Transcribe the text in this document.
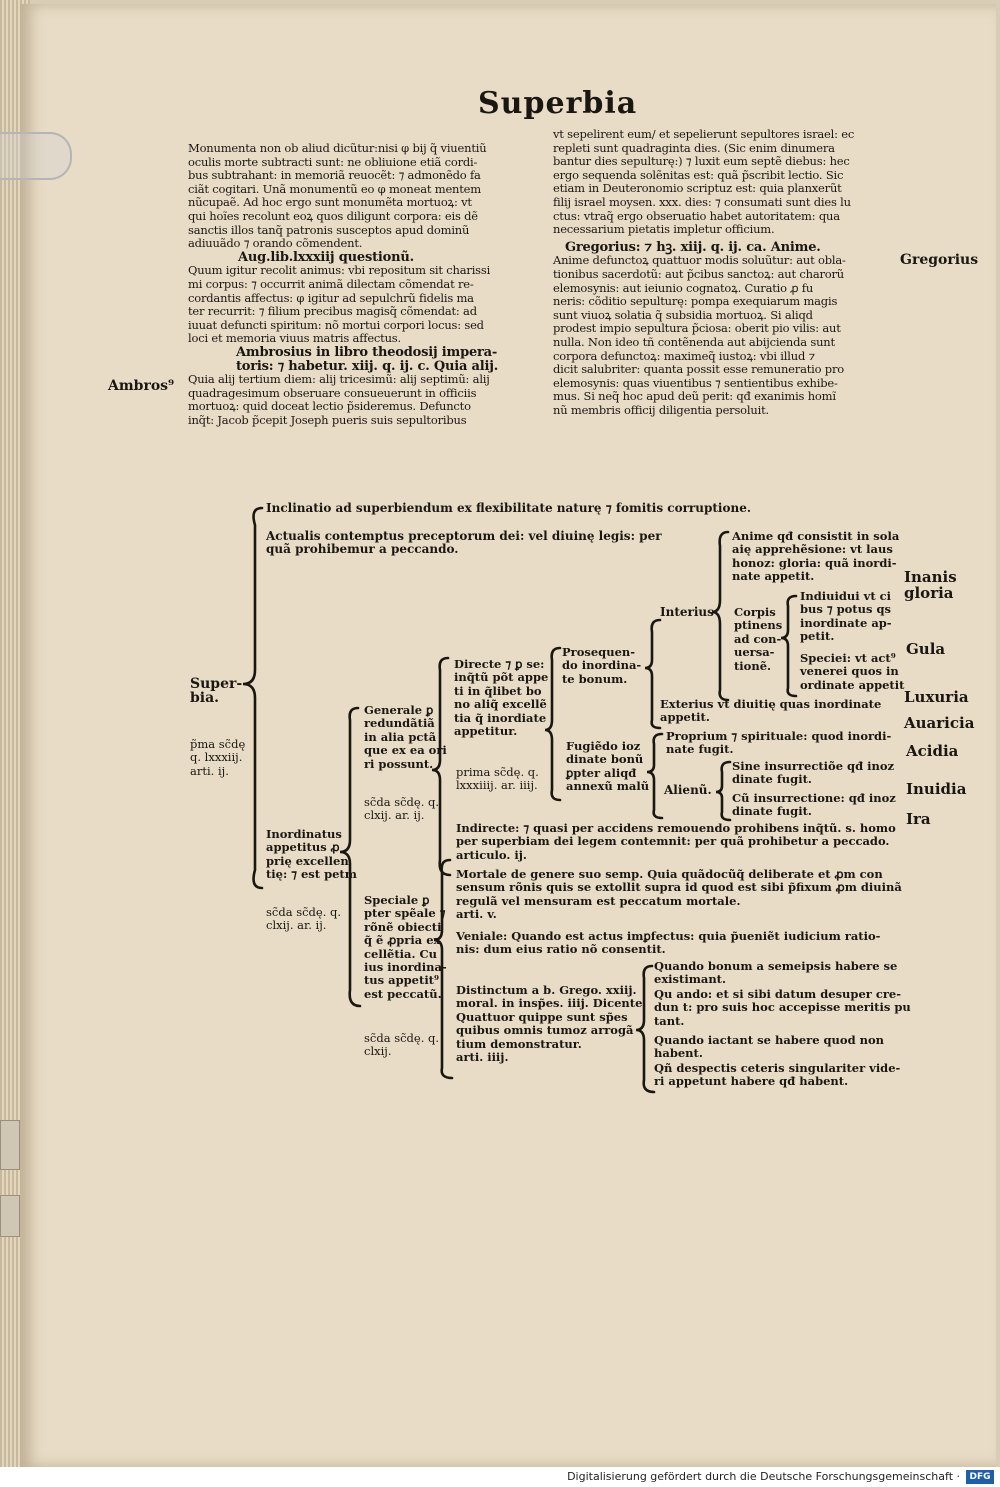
Superbia

Monumenta non ob aliud dicũtur:nisi φ bij q̃ viuentiũ
oculis morte subtracti sunt: ne obliuione etiã cordi-
bus subtrahant: in memoriã reuocẽt: ⁊ admonẽdo fa
ciãt cogitari. Unã monumentũ eo φ moneat mentem
nũcupaẽ. Ad hoc ergo sunt monumẽta mortuoꝝ: vt
qui hoĩes recolunt eoꝝ quos diligunt corpora: eis dẽ
sanctis illos tanq̃ patronis susceptos apud dominũ
adiuuãdo ⁊ orando cõmendent.

Aug.lib.lxxxiij questionũ.

Quum igitur recolit animus: vbi repositum sit charissi
mi corpus: ⁊ occurrit animã dilectam cõmendat re-
cordantis affectus: φ igitur ad sepulchrũ fidelis ma
ter recurrit: ⁊ filium precibus magisq̃ cõmendat: ad
iuuat defuncti spiritum: nõ mortui corpori locus: sed
loci et memoria viuus matris affectus.

Ambrosius in libro theodosij impera-
toris: ⁊ habetur. xiij. q. ij. c. Quia alij.

Quia alij tertium diem: alij tricesimũ: alij septimũ: alij
quadragesimum obseruare consueuerunt in officiis
mortuoꝝ: quid doceat lectio p̃sideremus. Defuncto
inq̃t: Jacob p̃cepit Joseph pueris suis sepultoribus

vt sepelirent eum/ et sepelierunt sepultores israel: ec
repleti sunt quadraginta dies. (Sic enim dinumera
bantur dies sepulturę:) ⁊ luxit eum septẽ diebus: hec
ergo sequenda solẽnitas est: quã p̃scribit lectio. Sic
etiam in Deuteronomio scriptuz est: quia planxerũt
filij israel moysen. xxx. dies: ⁊ consumati sunt dies lu
ctus: vtraq̃ ergo obseruatio habet autoritatem: qua
necessarium pietatis impletur officium.

Gregorius: ⁊ hꝫ. xiij. q. ij. ca. Anime.

Anime defunctoꝝ quattuor modis soluũtur: aut obla-
tionibus sacerdotũ: aut p̃cibus sanctoꝝ: aut charorũ
elemosynis: aut ieiunio cognatoꝝ. Curatio ꝓ fu
neris: cõditio sepulturę: pompa exequiarum magis
sunt viuoꝝ solatia q̃ subsidia mortuoꝝ. Si aliqd
prodest impio sepultura p̃ciosa: oberit pio vilis: aut
nulla. Non ideo tñ contẽnenda aut abijcienda sunt
corpora defunctoꝝ: maximeq̃ iustoꝝ: vbi illud ⁊
dicit salubriter: quanta possit esse remuneratio pro
elemosynis: quas viuentibus ⁊ sentientibus exhibe-
mus. Si neq̃ hoc apud deũ perit: qđ exanimis homĩ
nũ membris officij diligentia persoluit.

Ambros⁹
Gregorius
Super-
bia.
p̃ma sc̃dę
q. lxxxiij.
arti. ij.
Inclinatio ad superbiendum ex flexibilitate naturę ⁊ fomitis corruptione.
Actualis contemptus preceptorum dei: vel diuinę legis: per
quã prohibemur a peccando.
Inordinatus
appetitus ꝓ
prię excellen
tię: ⁊ est petm
sc̃da sc̃dę. q.
clxij. ar. ij.
Generale ꝑ
redundãtiã
in alia pctã
que ex ea ori
ri possunt.
sc̃da sc̃dę. q.
clxij. ar. ij.
Speciale ꝑ
pter spẽale ⁊
rõnẽ obiecti
q̃ ẽ ꝓpria ex
cellẽtia. Cu
ius inordina-
tus appetit⁹
est peccatũ.
sc̃da sc̃dę. q.
clxij.
Directe ⁊ ꝑ se:
inq̃tũ põt appe
ti in q̃libet bo
no aliq̃ excellẽ
tia q̃ inordiate
appetitur.
prima sc̃dę. q.
lxxxiiij. ar. iiij.
Prosequen-
do inordina-
te bonum.
Fugiẽdo ioz
dinate bonũ
ꝑpter aliqđ
annexũ malũ
Interius
Anime qđ consistit in sola
aię apprehẽsione: vt laus
honoz: gloria: quã inordi-
nate appetit.
Corpis
ptinens
ad con-
uersa-
tionẽ.
Indiuidui vt ci
bus ⁊ potus qs
inordinate ap-
petit.
Speciei: vt act⁹
venerei quos in
ordinate appetit
Exterius vt diuitię quas inordinate
appetit.
Proprium ⁊ spirituale: quod inordi-
nate fugit.
Alienũ.
Sine insurrectiõe qđ inoz
dinate fugit.
Cũ insurrectione: qđ inoz
dinate fugit.
Indirecte: ⁊ quasi per accidens remouendo prohibens inq̃tũ. s. homo
per superbiam dei legem contemnit: per quã prohibetur a peccado.
articulo. ij.
Mortale de genere suo semp. Quia quãdocũq̃ deliberate et ꝓm con
sensum rõnis quis se extollit supra id quod est sibi p̃fixum ꝓm diuinã
regulã vel mensuram est peccatum mortale.
arti. v.
Veniale: Quando est actus imꝑfectus: quia p̃ueniẽt iudicium ratio-
nis: dum eius ratio nõ consentit.
Distinctum a b. Grego. xxiij.
moral. in insp̃es. iiij. Dicente
Quattuor quippe sunt sp̃es
quibus omnis tumoz arrogã
tium demonstratur.
arti. iiij.
Quando bonum a semeipsis habere se
existimant.
Qu ando: et si sibi datum desuper cre-
dun t: pro suis hoc accepisse meritis pu
tant.
Quando iactant se habere quod non
habent.
Qñ despectis ceteris singulariter vide-
ri appetunt habere qđ habent.
Inanis
gloria
Gula
Luxuria
Auaricia
Acidia
Inuidia
Ira
Digitalisierung gefördert durch die Deutsche Forschungsgemeinschaft ·	DFG
